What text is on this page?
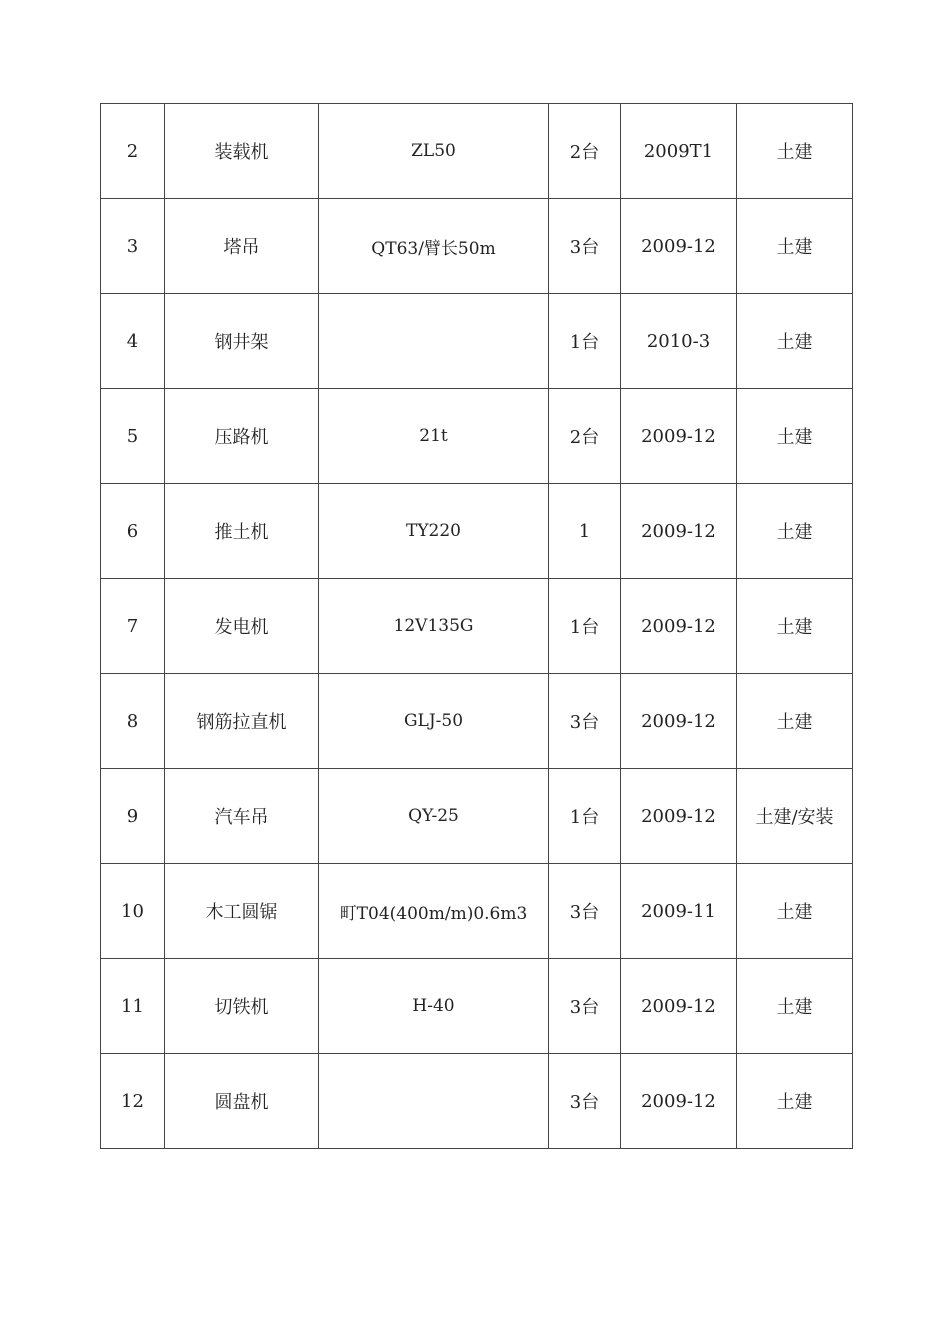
2	装载机	ZL50	2台	2009T1	土建
3	塔吊	QT63/臂长50m	3台	2009-12	土建
4	钢井架		1台	2010-3	土建
5	压路机	21t	2台	2009-12	土建
6	推土机	TY220	1	2009-12	土建
7	发电机	12V135G	1台	2009-12	土建
8	钢筋拉直机	GLJ-50	3台	2009-12	土建
9	汽车吊	QY-25	1台	2009-12	土建/安装
10	木工圆锯	町T04(400m/m)0.6m3	3台	2009-11	土建
11	切铁机	H-40	3台	2009-12	土建
12	圆盘机		3台	2009-12	土建
